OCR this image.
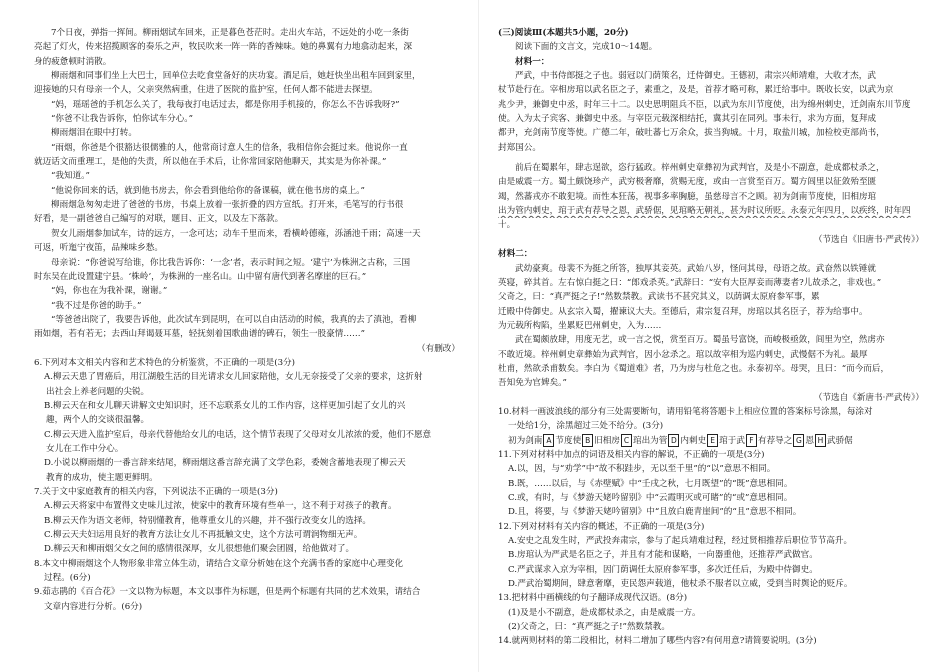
7个日夜，弹指一挥间。柳雨烟试车回来，正是暮色苍茫时。走出火车站，不远处的小吃一条街

亮起了灯火，传来招揽顾客的奏乐之声，牧民吹来一阵一阵的香辣味。她的鼻翼有力地翕动起来，深

身的疲惫顿时消散。

柳雨烟和同事们坐上大巴士，回单位去吃食堂备好的庆功宴。酒足后，她赶快坐出租车回到家里，

迎接她的只有母亲一个人，父亲突然病重，住进了医院的监护室，任何人都不能进去探望。

“妈，瑶瑶爸的手机怎么关了，我每夜打电话过去，都是你用手机接的，你怎么不告诉我呀?”

“你爸不让我告诉你，怕你试车分心。”

柳雨烟泪在眼中打转。

“雨烟，你爸是个很豁达很儒雅的人，他常商讨意人生的信条，我相信你会挺过来。他说你一直

就迈话文而重理工，是他的失责，所以他在手术后，让你常回家陪他聊天，其实是为你补课。”

“我知道。”

“他说你回来的话，就到他书房去，你会看到他给你的备课稿，就在他书房的桌上。”

柳雨烟急匆匆走进了爸爸的书房，书桌上放着一张折叠的四方宣纸。打开来，毛笔写的行书很

好看，是一副爸爸自己编写的对联，题目、正文，以及左下落款。

贺女儿雨烟参加试车，诗的远方，一念可达；动车千里而来，看横岭德雍，泺涵池千雨；高速一天

可返，听迤宁夜笛，品辣味乡愁。

母亲说：“你爸说写给谁，你比我告诉你：‘一念’者，表示时间之短。‘建宁’为株洲之古称，三国

时东吴在此设置建宁县。‘株岭’，为株洲的一座名山。山中留有唐代到著名摩崖的巨石。”

“妈，你也在为我补课，谢谢。”

“我不过是你爸的助手。”

“等爸爸出院了，我要告诉他，此次试车到昆明，在可以自由活动的时候，我真的去了滇池，看柳

雨如烟，若有若无；去西山拜谒聂耳墓，轻抚刻着国歌曲谱的碑石，领生一股豪情……”

（有删改）

6.下列对本文相关内容和艺术特色的分析鉴赏，不正确的一项是(3分)

A.柳云天患了胃癌后，用江湖般生活的目光请求女儿回家陪他，女儿无奈接受了父亲的要求，这折射

出社会上养老问题的尖锐。

B.柳云天在和女儿聊天讲解文史知识时，还不忘联系女儿的工作内容，这样更加引起了女儿的兴

趣，两个人的交谈很温馨。

C.柳云天进入监护室后，母亲代替他给女儿的电话，这个情节表现了父母对女儿浓浓的爱，他们不愿意

女儿在工作中分心。

D.小说以柳雨烟的一番言辞来结尾，柳雨烟这番言辞充满了文学色彩，委婉含蓄地表现了柳云天

教育的成功，使主题更鲜明。

7.关于文中家庭教育的相关内容，下列说法不正确的一项是(3分)

A.柳云天将家中布置得文史味儿过浓，使家中的教育环境有些单一，这不利于对孩子的教育。

B.柳云天作为语文老师，特别懂教育，他尊重女儿的兴趣，并不强行改变女儿的选择。

C.柳云天夫妇运用良好的教育方法让女儿不再抵触文史，这个方法可谓润物细无声。

D.柳云天和柳雨烟父女之间的感情很深厚，女儿很想他们聚会团圆，给他做对了。

8.本文中柳雨烟这个人物形象非常立体生动，请结合文章分析她在这个充满书香的家庭中心理变化

过程。(6分)

9.茹志鹃的《百合花》一文以物为标题，本文以事件为标题，但是两个标题有共同的艺术效果，请结合

文章内容进行分析。(6分)

(三)阅读Ⅲ(本题共5小题，20分)

阅读下面的文言文，完成10～14题。

材料一：

严武，中书侍郎挺之子也。弱冠以门荫策名，迁侍御史。王德初，肃宗兴师靖难，大收才杰，武

杖节赴行在。宰相房琯以武名臣之子，素重之，及是，首荐才略可称，累迁给事中。既收长安，以武为京

兆少尹，兼御史中丞，时年三十二。以史思明阻兵不臣，以武为东川节度使，出为绵州刺史，迁剑南东川节度

使。入为太子宾客、兼御史中丞。与宰臣元载深相结托，冀其引在同列。事未行，求为方面，复拜成

都尹，充剑南节度等使。广德二年，破吐蕃七万余众，拔当狗城。十月，取盐川城，加检校吏部尚书，

封郑国公。

前后在蜀累年，肆志逞欲，恣行猛政。梓州刺史章彝初为武判官，及是小不副意，赴成都杖杀之，

由是威震一方。蜀土颇饶珍产，武穷极奢靡，赏赐无度，或由一言赏至百万。蜀方闾里以征敛殆至匮

竭，然蕃戎亦不敢犯境。而性本狂荡，视事多率胸臆，虽慈母言不之顾。初为剑南节度使，旧相房琯

出为管内刺史，琯于武有荐导之恩，武骄倨，见琯略无朝礼，甚为时议所贬。永泰元年四月，以疾终，时年四

十。

（节选自《旧唐书·严武传》）

材料二：

武幼豪爽。母裴不为挺之所答，独厚其妾英。武始八岁，怪问其母，母语之故。武奋然以铁锤就

英寝，碎其首。左右惊白挺之曰：“郎戏杀英。”武辞曰：“安有大臣厚妾而薄妻者?儿故杀之，非戏也。”

父奇之，曰：“真严挺之子!”然数禁教。武读书不甚究其义，以荫调太原府参军事，累

迁殿中侍御史。从玄宗入蜀，擢谏议大夫。至德后，肃宗复召拜，房琯以其名臣子，荐为给事中。

为元载所构陷，坐累贬巴州刺史，入为……

武在蜀颇放肆，用度无艺，或一言之悦，赏至百万。蜀虽号富饶，而峻极亟敛，闾里为空，然虏亦

不敢近境。梓州刺史章彝始为武判官，因小忿杀之。琯以故宰相为巡内刺史，武慢倨不为礼。最厚

杜甫，然欲杀甫数矣。李白为《蜀道难》者，乃为房与杜危之也。永泰初卒。母哭，且曰：“而今而后，

吾知免为官婢矣。”

（节选自《新唐书·严武传》）

10.材料一画波浪线的部分有三处需要断句，请用铅笔将答题卡上相应位置的答案标号涂黑，每涂对

一处给1分，涂黑超过三处不给分。(3分)

初为剑南 A 节度使 B 旧相房 C 琯出为管 D 内刺史 E 琯于武 F 有荐导之 G 恩 H 武骄倨

11.下列对材料中加点的词语及相关内容的解说，不正确的一项是(3分)

A.以，因，与“劝学”中“故不积跬步，无以至千里”的“以”意思不相同。

B.既，……以后，与《赤壁赋》中“壬戌之秋，七月既望”的“既”意思相同。

C.或，有时，与《梦游天姥吟留别》中“云霞明灭或可睹”的“或”意思相同。

D.且，将要，与《梦游天姥吟留别》中“且放白鹿青崖间”的“且”意思不相同。

12.下列对材料有关内容的概述，不正确的一项是(3分)

A.安史之乱发生时，严武投奔肃宗，参与了起兵靖难过程，经过贤相推荐后职位节节高升。

B.房琯认为严武是名臣之子，并且有才能和谋略，一向器重他，还推荐严武做官。

C.严武谋求入京为宰相，因门荫调任太原府参军事，多次迁任后，为殿中侍御史。

D.严武治蜀期间，肆意奢靡，吏民怨声载道，他杖杀不服者以立威，受到当时舆论的贬斥。

13.把材料中画横线的句子翻译成现代汉语。(8分)

(1)及是小不副意，赴成都杖杀之，由是威震一方。

(2)父奇之，曰：“真严挺之子!”然数禁教。

14.就两则材料的第二段相比，材料二增加了哪些内容?有何用意?请简要说明。(3分)
